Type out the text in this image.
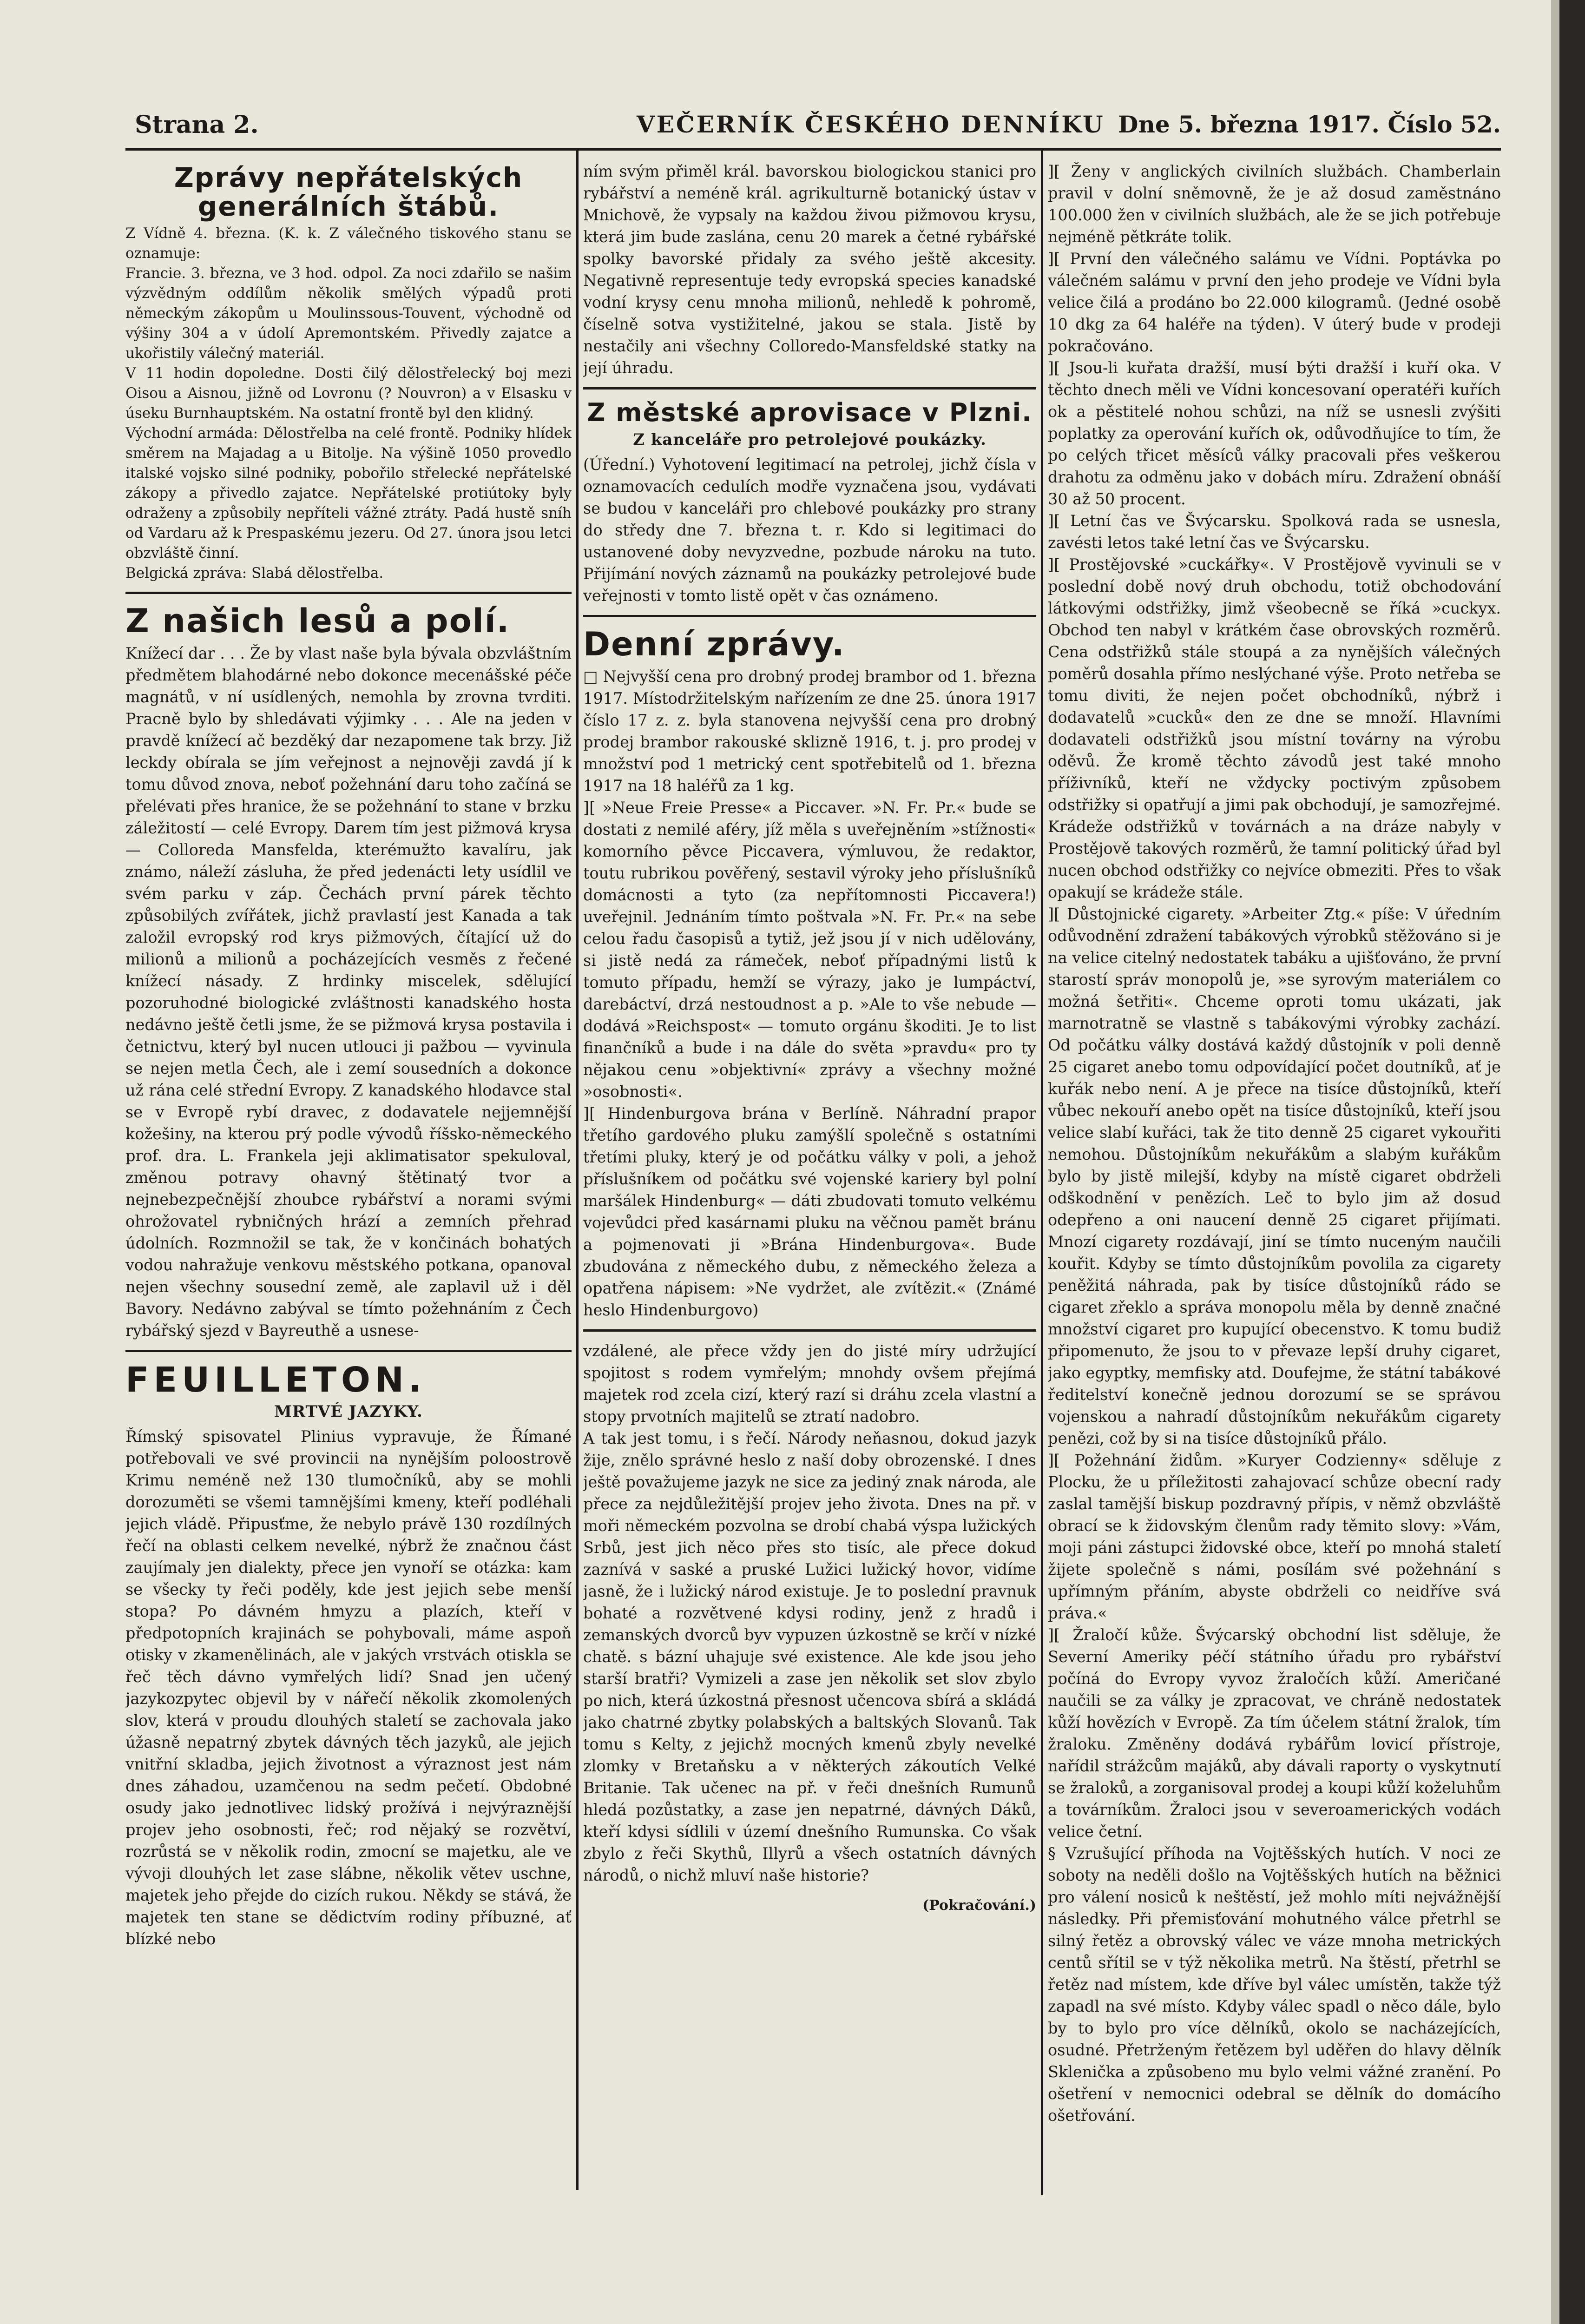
Strana 2.	VEČERNÍK ČESKÉHO DENNÍKU Dne 5. března 1917. Číslo 52.
Zprávy nepřátelských generálních štábů.

Z Vídně 4. března. (K. k. Z válečného tiskového stanu se oznamuje:

Francie. 3. března, ve 3 hod. odpol. Za noci zdařilo se našim výzvědným oddílům několik smělých výpadů proti německým zákopům u Moulinssous-Touvent, východně od výšiny 304 a v údolí Apremontském. Přivedly zajatce a ukořistily válečný materiál.

V 11 hodin dopoledne. Dosti čilý dělostřelecký boj mezi Oisou a Aisnou, jižně od Lovronu (? Nouvron) a v Elsasku v úseku Burnhauptském. Na ostatní frontě byl den klidný.

Východní armáda: Dělostřelba na celé frontě. Podniky hlídek směrem na Majadag a u Bitolje. Na výšině 1050 provedlo italské vojsko silné podniky, pobořilo střelecké nepřátelské zákopy a přivedlo zajatce. Nepřátelské protiútoky byly odraženy a způsobily nepříteli vážné ztráty. Padá hustě sníh od Vardaru až k Prespaskému jezeru. Od 27. února jsou letci obzvláště činní.

Belgická zpráva: Slabá dělostřelba.

Z našich lesů a polí.

Knížecí dar . . . Že by vlast naše byla bývala obzvláštním předmětem blahodárné nebo dokonce mecenášské péče magnátů, v ní usídlených, nemohla by zrovna tvrditi. Pracně bylo by shledávati výjimky . . . Ale na jeden v pravdě knížecí ač bezděký dar nezapomene tak brzy. Již leckdy obírala se jím veřejnost a nejnověji zavdá jí k tomu důvod znova, neboť požehnání daru toho začíná se přelévati přes hranice, že se požehnání to stane v brzku záležitostí — celé Evropy. Darem tím jest pižmová krysa — Colloreda Mansfelda, kterémužto kavalíru, jak známo, náleží zásluha, že před jedenácti lety usídlil ve svém parku v záp. Čechách první párek těchto způsobilých zvířátek, jichž pravlastí jest Kanada a tak založil evropský rod krys pižmových, čítající už do milionů a milionů a pocházejících vesměs z řečené knížecí násady. Z hrdinky miscelek, sdělující pozoruhodné biologické zvláštnosti kanadského hosta nedávno ještě četli jsme, že se pižmová krysa postavila i četnictvu, který byl nucen utlouci ji pažbou — vyvinula se nejen metla Čech, ale i zemí sousedních a dokonce už rána celé střední Evropy. Z kanadského hlodavce stal se v Evropě rybí dravec, z dodavatele nejjemnější kožešiny, na kterou prý podle vývodů říšsko-německého prof. dra. L. Frankela jeji aklimatisator spekuloval, změnou potravy ohavný štětinatý tvor a nejnebezpečnější zhoubce rybářství a norami svými ohrožovatel rybničných hrází a zemních přehrad údolních. Rozmnožil se tak, že v končinách bohatých vodou nahražuje venkovu městského potkana, opanoval nejen všechny sousední země, ale zaplavil už i děl Bavory. Nedávno zabýval se tímto požehnáním z Čech rybářský sjezd v Bayreuthě a usnese-

FEUILLETON.
MRTVÉ JAZYKY.

Římský spisovatel Plinius vypravuje, že Římané potřebovali ve své provincii na nynějším poloostrově Krimu neméně než 130 tlumočníků, aby se mohli dorozuměti se všemi tamnějšími kmeny, kteří podléhali jejich vládě. Připusťme, že nebylo právě 130 rozdílných řečí na oblasti celkem nevelké, nýbrž že značnou část zaujímaly jen dialekty, přece jen vynoří se otázka: kam se všecky ty řeči poděly, kde jest jejich sebe menší stopa? Po dávném hmyzu a plazích, kteří v předpotopních krajinách se pohybovali, máme aspoň otisky v zkamenělinách, ale v jakých vrstvách otiskla se řeč těch dávno vymřelých lidí? Snad jen učený jazykozpytec objevil by v nářečí několik zkomolených slov, která v proudu dlouhých staletí se zachovala jako úžasně nepatrný zbytek dávných těch jazyků, ale jejich vnitřní skladba, jejich životnost a výraznost jest nám dnes záhadou, uzamčenou na sedm pečetí. Obdobné osudy jako jednotlivec lidský prožívá i nejvýraznější projev jeho osobnosti, řeč; rod nějaký se rozvětví, rozrůstá se v několik rodin, zmocní se majetku, ale ve vývoji dlouhých let zase slábne, několik větev uschne, majetek jeho přejde do cizích rukou. Někdy se stává, že majetek ten stane se dědictvím rodiny příbuzné, ať blízké nebo

ním svým přiměl král. bavorskou biologickou stanici pro rybářství a neméně král. agrikulturně botanický ústav v Mnichově, že vypsaly na každou živou pižmovou krysu, která jim bude zaslána, cenu 20 marek a četné rybářské spolky bavorské přidaly za svého ještě akcesity. Negativně representuje tedy evropská species kanadské vodní krysy cenu mnoha milionů, nehledě k pohromě, číselně sotva vystižitelné, jakou se stala. Jistě by nestačily ani všechny Colloredo-Mansfeldské statky na její úhradu.

Z městské aprovisace v Plzni.
Z kanceláře pro petrolejové poukázky.

(Úřední.) Vyhotovení legitimací na petrolej, jichž čísla v oznamovacích cedulích modře vyznačena jsou, vydávati se budou v kanceláři pro chlebové poukázky pro strany do středy dne 7. března t. r. Kdo si legitimaci do ustanovené doby nevyzvedne, pozbude nároku na tuto. Přijímání nových záznamů na poukázky petrolejové bude veřejnosti v tomto listě opět v čas oznámeno.

Denní zprávy.

□ Nejvyšší cena pro drobný prodej brambor od 1. března 1917. Místodržitelským nařízením ze dne 25. února 1917 číslo 17 z. z. byla stanovena nejvyšší cena pro drobný prodej brambor rakouské sklizně 1916, t. j. pro prodej v množství pod 1 metrický cent spotřebitelů od 1. března 1917 na 18 haléřů za 1 kg.

][ »Neue Freie Presse« a Piccaver. »N. Fr. Pr.« bude se dostati z nemilé aféry, jíž měla s uveřejněním »stížnosti« komorního pěvce Piccavera, výmluvou, že redaktor, toutu rubrikou pověřený, sestavil výroky jeho příslušníků domácnosti a tyto (za nepřítomnosti Piccavera!) uveřejnil. Jednáním tímto poštvala »N. Fr. Pr.« na sebe celou řadu časopisů a tytiž, jež jsou jí v nich udělovány, si jistě nedá za rámeček, neboť případnými listů k tomuto případu, hemží se výrazy, jako je lumpáctví, darebáctví, drzá nestoudnost a p. »Ale to vše nebude — dodává »Reichspost« — tomuto orgánu škoditi. Je to list finančníků a bude i na dále do světa »pravdu« pro ty nějakou cenu »objektivní« zprávy a všechny možné »osobnosti«.

][ Hindenburgova brána v Berlíně. Náhradní prapor třetího gardového pluku zamýšlí společně s ostatními třetími pluky, který je od počátku války v poli, a jehož příslušníkem od počátku své vojenské kariery byl polní maršálek Hindenburg« — dáti zbudovati tomuto velkému vojevůdci před kasárnami pluku na věčnou pamět bránu a pojmenovati ji »Brána Hindenburgova«. Bude zbudována z německého dubu, z německého železa a opatřena nápisem: »Ne vydržet, ale zvítězit.« (Známé heslo Hindenburgovo)

vzdálené, ale přece vždy jen do jisté míry udržující spojitost s rodem vymřelým; mnohdy ovšem přejímá majetek rod zcela cizí, který razí si dráhu zcela vlastní a stopy prvotních majitelů se ztratí nadobro.

A tak jest tomu, i s řečí. Národy neňasnou, dokud jazyk žije, znělo správné heslo z naší doby obrozenské. I dnes ještě považujeme jazyk ne sice za jediný znak národa, ale přece za nejdůležitější projev jeho života. Dnes na př. v moři německém pozvolna se drobí chabá výspa lužických Srbů, jest jich něco přes sto tisíc, ale přece dokud zaznívá v saské a pruské Lužici lužický hovor, vidíme jasně, že i lužický národ existuje. Je to poslední pravnuk bohaté a rozvětvené kdysi rodiny, jenž z hradů i zemanských dvorců byv vypuzen úzkostně se krčí v nízké chatě. s bázní uhajuje své existence. Ale kde jsou jeho starší bratři? Vymizeli a zase jen několik set slov zbylo po nich, která úzkostná přesnost učencova sbírá a skládá jako chatrné zbytky polabských a baltských Slovanů. Tak tomu s Kelty, z jejichž mocných kmenů zbyly nevelké zlomky v Bretaňsku a v některých zákoutích Velké Britanie. Tak učenec na př. v řeči dnešních Rumunů hledá pozůstatky, a zase jen nepatrné, dávných Dáků, kteří kdysi sídlili v území dnešního Rumunska. Co však zbylo z řeči Skythů, Illyrů a všech ostatních dávných národů, o nichž mluví naše historie?

(Pokračování.)

][ Ženy v anglických civilních službách. Chamberlain pravil v dolní sněmovně, že je až dosud zaměstnáno 100.000 žen v civilních službách, ale že se jich potřebuje nejméně pětkráte tolik.

][ První den válečného salámu ve Vídni. Poptávka po válečném salámu v první den jeho prodeje ve Vídni byla velice čilá a prodáno bo 22.000 kilogramů. (Jedné osobě 10 dkg za 64 haléře na týden). V úterý bude v prodeji pokračováno.

][ Jsou-li kuřata dražší, musí býti dražší i kuří oka. V těchto dnech měli ve Vídni koncesovaní operatéři kuřích ok a pěstitelé nohou schůzi, na níž se usnesli zvýšiti poplatky za operování kuřích ok, odůvodňujíce to tím, že po celých třicet měsíců války pracovali přes veškerou drahotu za odměnu jako v dobách míru. Zdražení obnáší 30 až 50 procent.

][ Letní čas ve Švýcarsku. Spolková rada se usnesla, zavésti letos také letní čas ve Švýcarsku.

][ Prostějovské »cuckářky«. V Prostějově vyvinuli se v poslední době nový druh obchodu, totiž obchodování látkovými odstřižky, jimž všeobecně se říká »cuckyx. Obchod ten nabyl v krátkém čase obrovských rozměrů. Cena odstřižků stále stoupá a za nynějších válečných poměrů dosahla přímo neslýchané výše. Proto netřeba se tomu diviti, že nejen počet obchodníků, nýbrž i dodavatelů »cucků« den ze dne se množí. Hlavními dodavateli odstřižků jsou místní továrny na výrobu oděvů. Že kromě těchto závodů jest také mnoho příživníků, kteří ne vždycky poctivým způsobem odstřižky si opatřují a jimi pak obchodují, je samozřejmé. Krádeže odstřižků v továrnách a na dráze nabyly v Prostějově takových rozměrů, že tamní politický úřad byl nucen obchod odstřižky co nejvíce obmeziti. Přes to však opakují se krádeže stále.

][ Důstojnické cigarety. »Arbeiter Ztg.« píše: V úředním odůvodnění zdražení tabákových výrobků stěžováno si je na velice citelný nedostatek tabáku a ujišťováno, že první starostí správ monopolů je, »se syrovým materiálem co možná šetřiti«. Chceme oproti tomu ukázati, jak marnotratně se vlastně s tabákovými výrobky zachází. Od počátku války dostává každý důstojník v poli denně 25 cigaret anebo tomu odpovídající počet doutníků, ať je kuřák nebo není. A je přece na tisíce důstojníků, kteří vůbec nekouří anebo opět na tisíce důstojníků, kteří jsou velice slabí kuřáci, tak že tito denně 25 cigaret vykouřiti nemohou. Důstojníkům nekuřákům a slabým kuřákům bylo by jistě milejší, kdyby na místě cigaret obdrželi odškodnění v penězích. Leč to bylo jim až dosud odepřeno a oni naucení denně 25 cigaret přijímati. Mnozí cigarety rozdávají, jiní se tímto nuceným naučili kouřit. Kdyby se tímto důstojníkům povolila za cigarety peněžitá náhrada, pak by tisíce důstojníků rádo se cigaret zřeklo a správa monopolu měla by denně značné množství cigaret pro kupující obecenstvo. K tomu budiž připomenuto, že jsou to v převaze lepší druhy cigaret, jako egyptky, memfisky atd. Doufejme, že státní tabákové ředitelství konečně jednou dorozumí se se správou vojenskou a nahradí důstojníkům nekuřákům cigarety penězi, což by si na tisíce důstojníků přálo.

][ Požehnání židům. »Kuryer Codzienny« sděluje z Plocku, že u příležitosti zahajovací schůze obecní rady zaslal tamější biskup pozdravný přípis, v němž obzvláště obrací se k židovským členům rady těmito slovy: »Vám, moji páni zástupci židovské obce, kteří po mnohá staletí žijete společně s námi, posílám své požehnání s upřímným přáním, abyste obdrželi co neidříve svá práva.«

][ Žraločí kůže. Švýcarský obchodní list sděluje, že Severní Ameriky péčí státního úřadu pro rybářství počíná do Evropy vyvoz žraločích kůží. Američané naučili se za války je zpracovat, ve chráně nedostatek kůží hovězích v Evropě. Za tím účelem státní žralok, tím žraloku. Změněny dodává rybářům lovicí přístroje, nařídil strážcům majáků, aby dávali raporty o vyskytnutí se žraloků, a zorganisoval prodej a koupi kůží koželuhům a továrníkům. Žraloci jsou v severoamerických vodách velice četní.

§ Vzrušující příhoda na Vojtěšských hutích. V noci ze soboty na neděli došlo na Vojtěšských hutích na běžnici pro válení nosiců k neštěstí, jež mohlo míti nejvážnější následky. Při přemisťování mohutného válce přetrhl se silný řetěz a obrovský válec ve váze mnoha metrických centů sřítil se v týž několika metrů. Na štěstí, přetrhl se řetěz nad místem, kde dříve byl válec umístěn, takže týž zapadl na své místo. Kdyby válec spadl o něco dále, bylo by to bylo pro více dělníků, okolo se nacházejících, osudné. Přetrženým řetězem byl uděřen do hlavy dělník Sklenička a způsobeno mu bylo velmi vážné zranění. Po ošetření v nemocnici odebral se dělník do domácího ošetřování.
